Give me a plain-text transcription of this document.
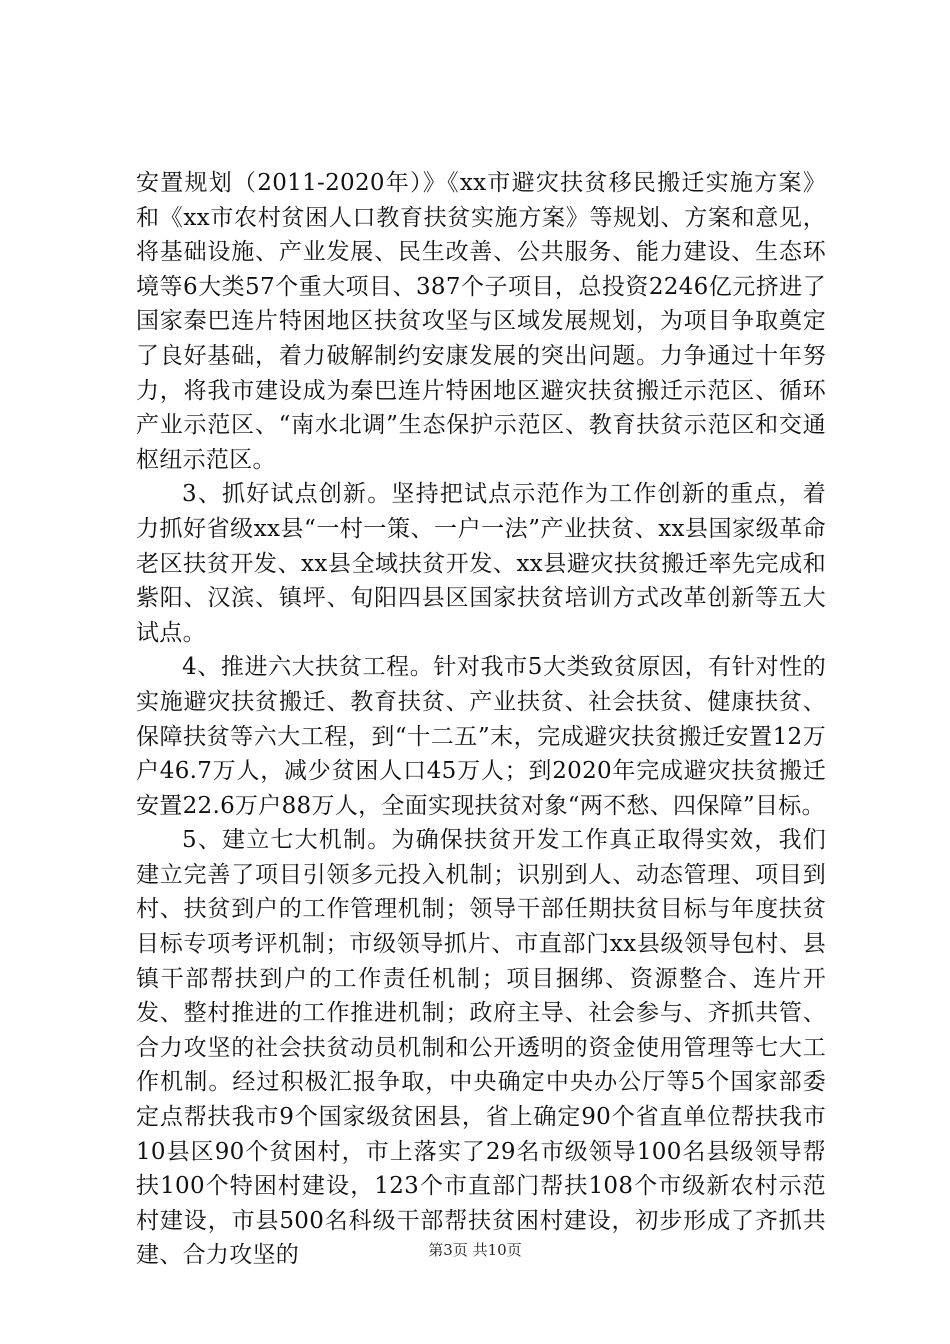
安置规划（2011-2020年）》《xx市避灾扶贫移民搬迁实施方案》和《xx市农村贫困人口教育扶贫实施方案》等规划、方案和意见，将基础设施、产业发展、民生改善、公共服务、能力建设、生态环境等6大类57个重大项目、387个子项目，总投资2246亿元挤进了国家秦巴连片特困地区扶贫攻坚与区域发展规划，为项目争取奠定了良好基础，着力破解制约安康发展的突出问题。力争通过十年努力，将我市建设成为秦巴连片特困地区避灾扶贫搬迁示范区、循环产业示范区、“南水北调”生态保护示范区、教育扶贫示范区和交通枢纽示范区。

3、抓好试点创新。坚持把试点示范作为工作创新的重点，着力抓好省级xx县“一村一策、一户一法”产业扶贫、xx县国家级革命老区扶贫开发、xx县全域扶贫开发、xx县避灾扶贫搬迁率先完成和紫阳、汉滨、镇坪、旬阳四县区国家扶贫培训方式改革创新等五大试点。

4、推进六大扶贫工程。针对我市5大类致贫原因，有针对性的实施避灾扶贫搬迁、教育扶贫、产业扶贫、社会扶贫、健康扶贫、保障扶贫等六大工程，到“十二五”末，完成避灾扶贫搬迁安置12万户46.7万人，减少贫困人口45万人；到2020年完成避灾扶贫搬迁安置22.6万户88万人，全面实现扶贫对象“两不愁、四保障”目标。

5、建立七大机制。为确保扶贫开发工作真正取得实效，我们建立完善了项目引领多元投入机制；识别到人、动态管理、项目到村、扶贫到户的工作管理机制；领导干部任期扶贫目标与年度扶贫目标专项考评机制；市级领导抓片、市直部门xx县级领导包村、县镇干部帮扶到户的工作责任机制；项目捆绑、资源整合、连片开发、整村推进的工作推进机制；政府主导、社会参与、齐抓共管、合力攻坚的社会扶贫动员机制和公开透明的资金使用管理等七大工作机制。经过积极汇报争取，中央确定中央办公厅等5个国家部委定点帮扶我市9个国家级贫困县，省上确定90个省直单位帮扶我市10县区90个贫困村，市上落实了29名市级领导100名县级领导帮扶100个特困村建设，123个市直部门帮扶108个市级新农村示范村建设，市县500名科级干部帮扶贫困村建设，初步形成了齐抓共建、合力攻坚的	第3页 共10页
